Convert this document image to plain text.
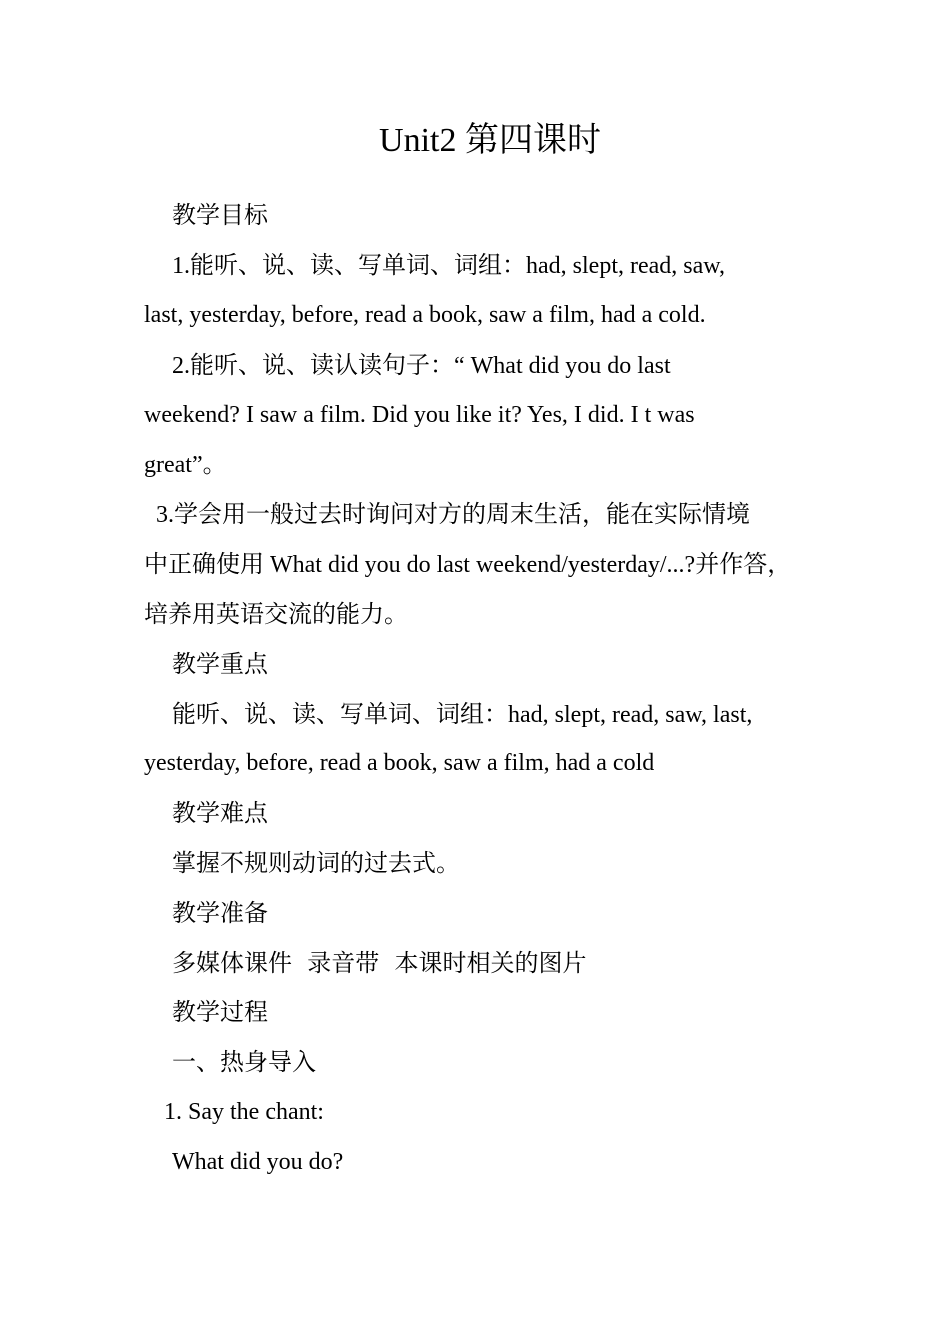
Unit2 第四课时

教学目标

1.能听、说、读、写单词、词组：had, slept, read, saw,

last, yesterday, before, read a book, saw a film, had a cold.

2.能听、说、读认读句子：“ What did you do last

weekend? I saw a film. Did you like it? Yes, I did. I t was

great”。

3.学会用一般过去时询问对方的周末生活，能在实际情境

中正确使用 What did you do last weekend/yesterday/...?并作答，

培养用英语交流的能力。

教学重点

能听、说、读、写单词、词组：had, slept, read, saw, last,

yesterday, before, read a book, saw a film, had a cold

教学难点

掌握不规则动词的过去式。

教学准备

多媒体课件  录音带  本课时相关的图片

教学过程

一、热身导入

1. Say the chant:

What did you do?
